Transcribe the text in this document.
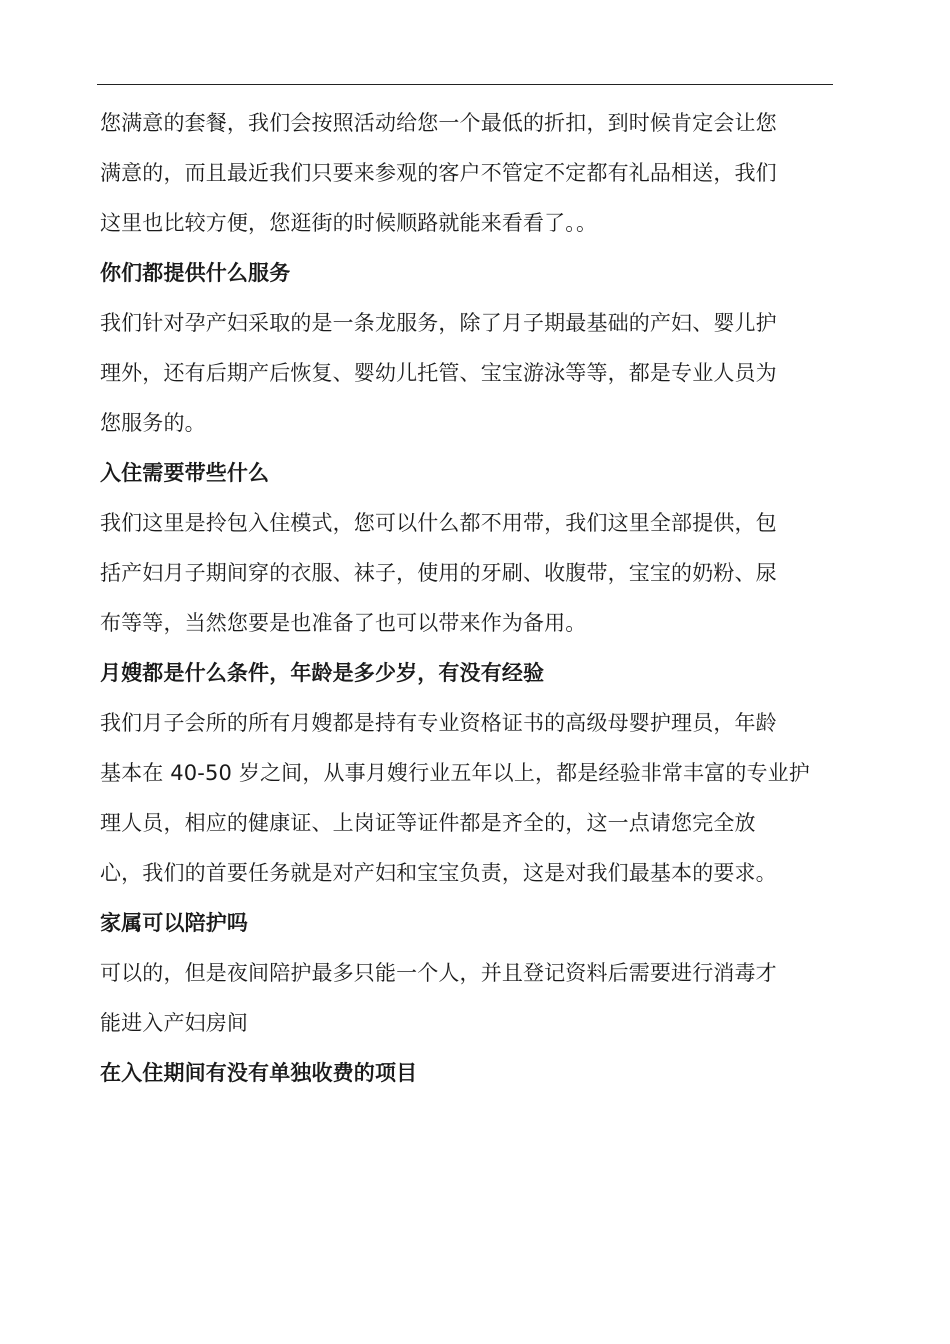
您满意的套餐，我们会按照活动给您一个最低的折扣，到时候肯定会让您
满意的，而且最近我们只要来参观的客户不管定不定都有礼品相送，我们
这里也比较方便，您逛街的时候顺路就能来看看了。。
你们都提供什么服务
我们针对孕产妇采取的是一条龙服务，除了月子期最基础的产妇、婴儿护
理外，还有后期产后恢复、婴幼儿托管、宝宝游泳等等，都是专业人员为
您服务的。
入住需要带些什么
我们这里是拎包入住模式，您可以什么都不用带，我们这里全部提供，包
括产妇月子期间穿的衣服、袜子，使用的牙刷、收腹带，宝宝的奶粉、尿
布等等，当然您要是也准备了也可以带来作为备用。
月嫂都是什么条件，年龄是多少岁，有没有经验
我们月子会所的所有月嫂都是持有专业资格证书的高级母婴护理员，年龄
基本在 40-50 岁之间，从事月嫂行业五年以上，都是经验非常丰富的专业护
理人员，相应的健康证、上岗证等证件都是齐全的，这一点请您完全放
心，我们的首要任务就是对产妇和宝宝负责，这是对我们最基本的要求。
家属可以陪护吗
可以的，但是夜间陪护最多只能一个人，并且登记资料后需要进行消毒才
能进入产妇房间
在入住期间有没有单独收费的项目
